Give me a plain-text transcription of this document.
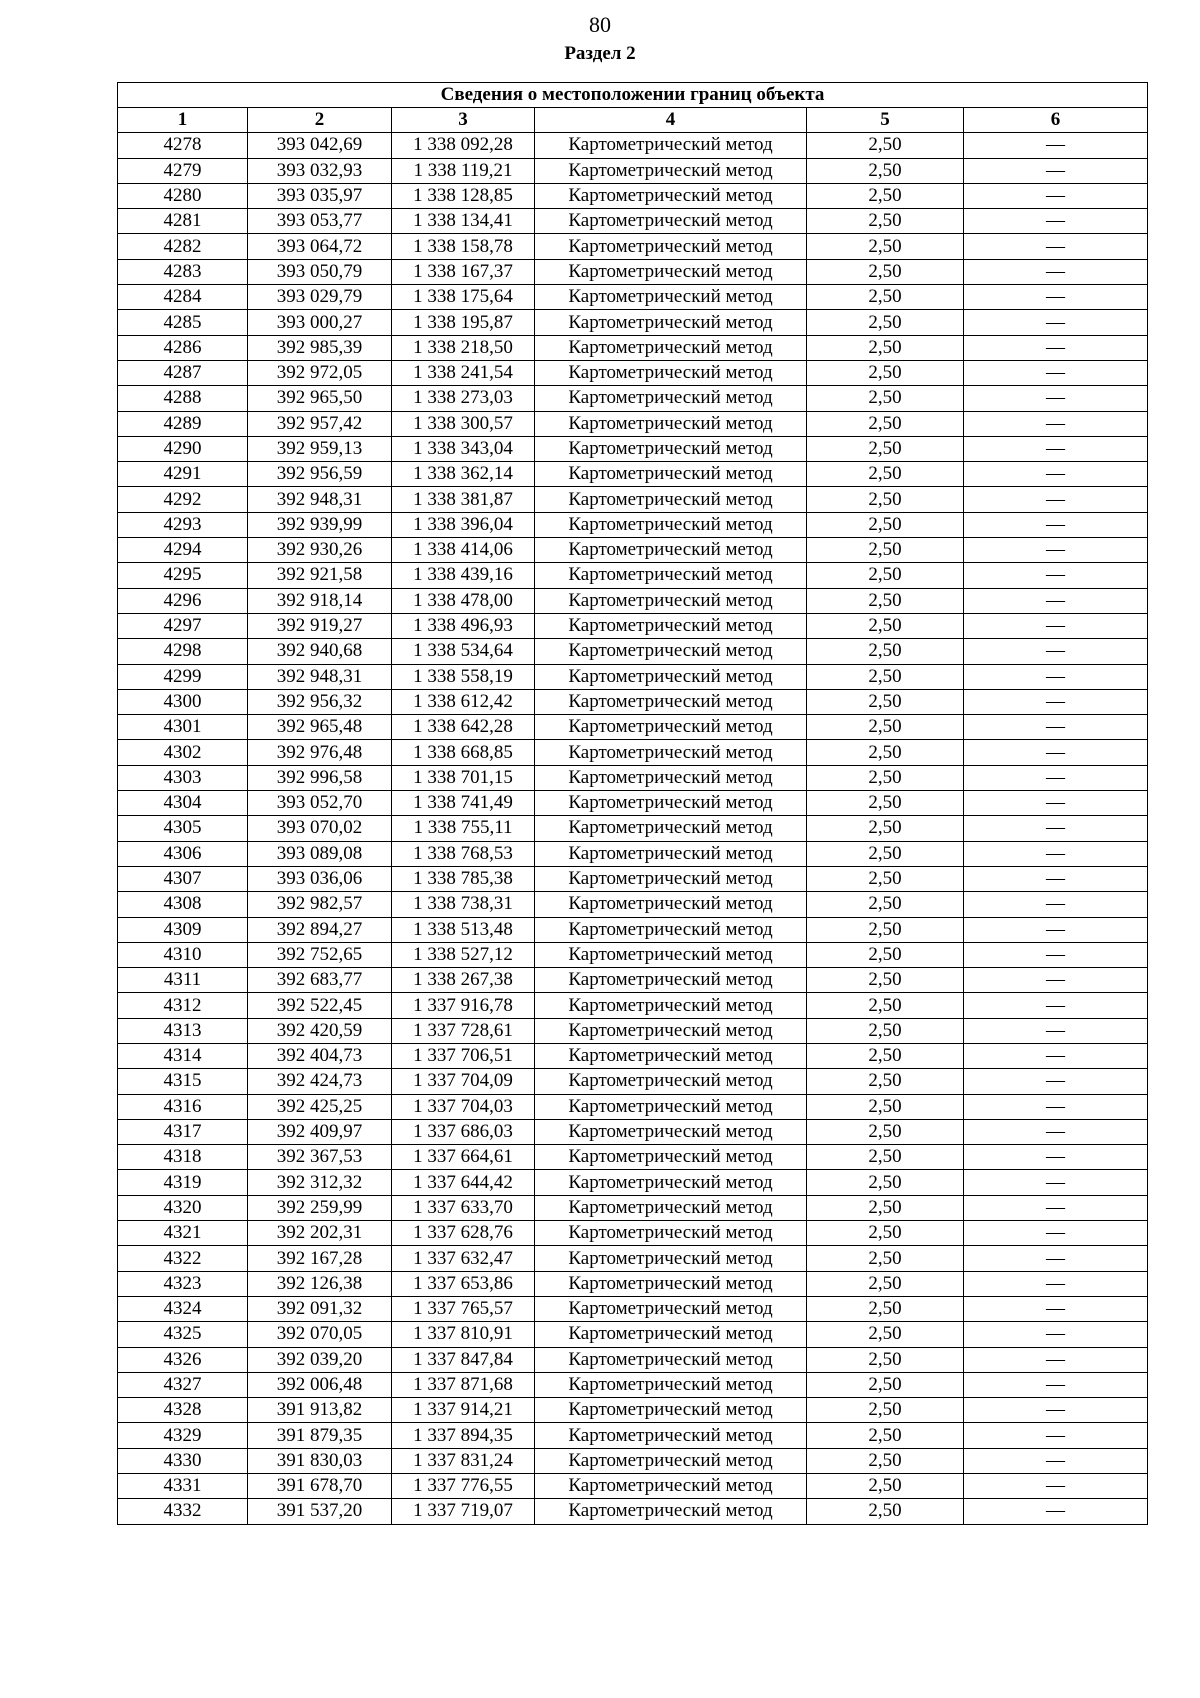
80
Раздел 2
Сведения о местоположении границ объекта					
1	2	3	4	5	6
4278	393 042,69	1 338 092,28	Картометрический метод	2,50	—
4279	393 032,93	1 338 119,21	Картометрический метод	2,50	—
4280	393 035,97	1 338 128,85	Картометрический метод	2,50	—
4281	393 053,77	1 338 134,41	Картометрический метод	2,50	—
4282	393 064,72	1 338 158,78	Картометрический метод	2,50	—
4283	393 050,79	1 338 167,37	Картометрический метод	2,50	—
4284	393 029,79	1 338 175,64	Картометрический метод	2,50	—
4285	393 000,27	1 338 195,87	Картометрический метод	2,50	—
4286	392 985,39	1 338 218,50	Картометрический метод	2,50	—
4287	392 972,05	1 338 241,54	Картометрический метод	2,50	—
4288	392 965,50	1 338 273,03	Картометрический метод	2,50	—
4289	392 957,42	1 338 300,57	Картометрический метод	2,50	—
4290	392 959,13	1 338 343,04	Картометрический метод	2,50	—
4291	392 956,59	1 338 362,14	Картометрический метод	2,50	—
4292	392 948,31	1 338 381,87	Картометрический метод	2,50	—
4293	392 939,99	1 338 396,04	Картометрический метод	2,50	—
4294	392 930,26	1 338 414,06	Картометрический метод	2,50	—
4295	392 921,58	1 338 439,16	Картометрический метод	2,50	—
4296	392 918,14	1 338 478,00	Картометрический метод	2,50	—
4297	392 919,27	1 338 496,93	Картометрический метод	2,50	—
4298	392 940,68	1 338 534,64	Картометрический метод	2,50	—
4299	392 948,31	1 338 558,19	Картометрический метод	2,50	—
4300	392 956,32	1 338 612,42	Картометрический метод	2,50	—
4301	392 965,48	1 338 642,28	Картометрический метод	2,50	—
4302	392 976,48	1 338 668,85	Картометрический метод	2,50	—
4303	392 996,58	1 338 701,15	Картометрический метод	2,50	—
4304	393 052,70	1 338 741,49	Картометрический метод	2,50	—
4305	393 070,02	1 338 755,11	Картометрический метод	2,50	—
4306	393 089,08	1 338 768,53	Картометрический метод	2,50	—
4307	393 036,06	1 338 785,38	Картометрический метод	2,50	—
4308	392 982,57	1 338 738,31	Картометрический метод	2,50	—
4309	392 894,27	1 338 513,48	Картометрический метод	2,50	—
4310	392 752,65	1 338 527,12	Картометрический метод	2,50	—
4311	392 683,77	1 338 267,38	Картометрический метод	2,50	—
4312	392 522,45	1 337 916,78	Картометрический метод	2,50	—
4313	392 420,59	1 337 728,61	Картометрический метод	2,50	—
4314	392 404,73	1 337 706,51	Картометрический метод	2,50	—
4315	392 424,73	1 337 704,09	Картометрический метод	2,50	—
4316	392 425,25	1 337 704,03	Картометрический метод	2,50	—
4317	392 409,97	1 337 686,03	Картометрический метод	2,50	—
4318	392 367,53	1 337 664,61	Картометрический метод	2,50	—
4319	392 312,32	1 337 644,42	Картометрический метод	2,50	—
4320	392 259,99	1 337 633,70	Картометрический метод	2,50	—
4321	392 202,31	1 337 628,76	Картометрический метод	2,50	—
4322	392 167,28	1 337 632,47	Картометрический метод	2,50	—
4323	392 126,38	1 337 653,86	Картометрический метод	2,50	—
4324	392 091,32	1 337 765,57	Картометрический метод	2,50	—
4325	392 070,05	1 337 810,91	Картометрический метод	2,50	—
4326	392 039,20	1 337 847,84	Картометрический метод	2,50	—
4327	392 006,48	1 337 871,68	Картометрический метод	2,50	—
4328	391 913,82	1 337 914,21	Картометрический метод	2,50	—
4329	391 879,35	1 337 894,35	Картометрический метод	2,50	—
4330	391 830,03	1 337 831,24	Картометрический метод	2,50	—
4331	391 678,70	1 337 776,55	Картометрический метод	2,50	—
4332	391 537,20	1 337 719,07	Картометрический метод	2,50	—
